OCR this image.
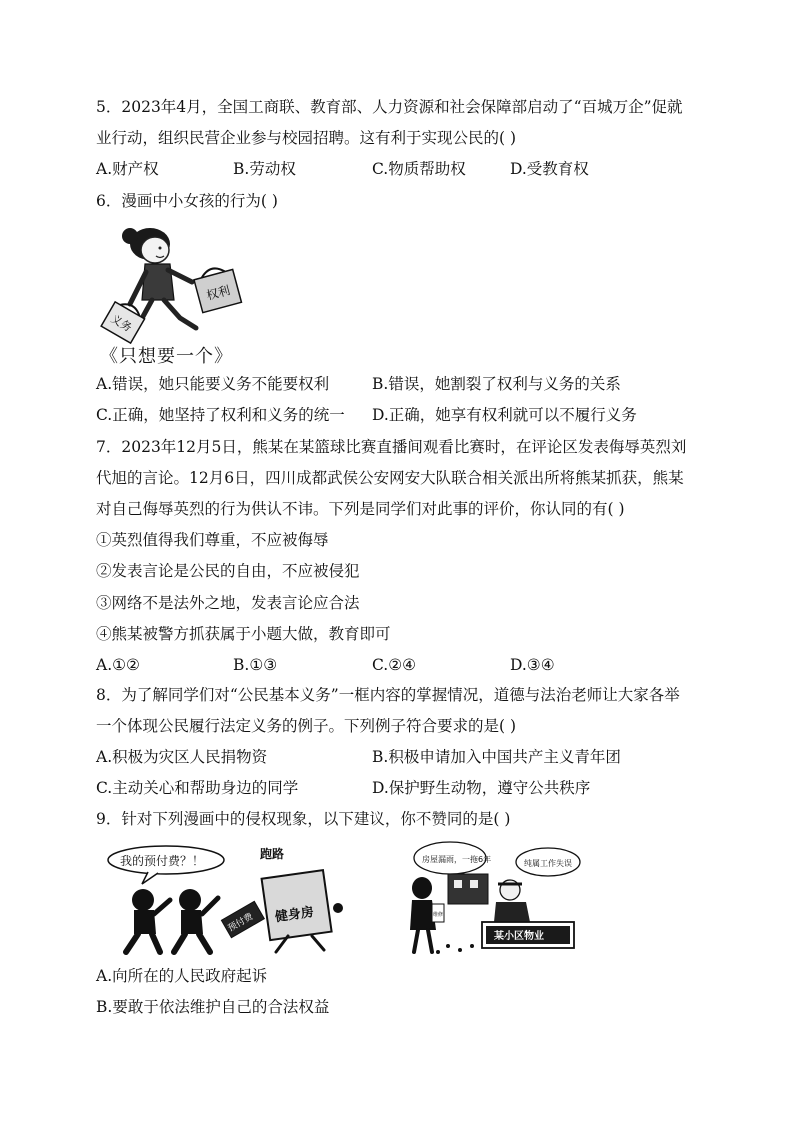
5．2023年4月，全国工商联、教育部、人力资源和社会保障部启动了“百城万企”促就
业行动，组织民营企业参与校园招聘。这有利于实现公民的( )
A.财产权	B.劳动权	C.物质帮助权	D.受教育权
6．漫画中小女孩的行为( )
权利
义务
《只想要一个》
A.错误，她只能要义务不能要权利	B.错误，她割裂了权利与义务的关系
C.正确，她坚持了权利和义务的统一 D.正确，她享有权利就可以不履行义务
7．2023年12月5日，熊某在某篮球比赛直播间观看比赛时，在评论区发表侮辱英烈刘
代旭的言论。12月6日，四川成都武侯公安网安大队联合相关派出所将熊某抓获，熊某
对自己侮辱英烈的行为供认不讳。下列是同学们对此事的评价，你认同的有( )
①英烈值得我们尊重，不应被侮辱
②发表言论是公民的自由，不应被侵犯
③网络不是法外之地，发表言论应合法
④熊某被警方抓获属于小题大做，教育即可
A.①②	B.①③	C.②④	D.③④
8．为了解同学们对“公民基本义务”一框内容的掌握情况，道德与法治老师让大家各举
一个体现公民履行法定义务的例子。下列例子符合要求的是( )
A.积极为灾区人民捐物资	B.积极申请加入中国共产主义青年团
C.主动关心和帮助身边的同学	D.保护野生动物，遵守公共秩序
9．针对下列漫画中的侵权现象，以下建议，你不赞同的是( )
我的预付费？！	跑路
健身房
预付费
房屋漏雨，一拖6年	纯属工作失误
维修
某小区物业
A.向所在的人民政府起诉
B.要敢于依法维护自己的合法权益
